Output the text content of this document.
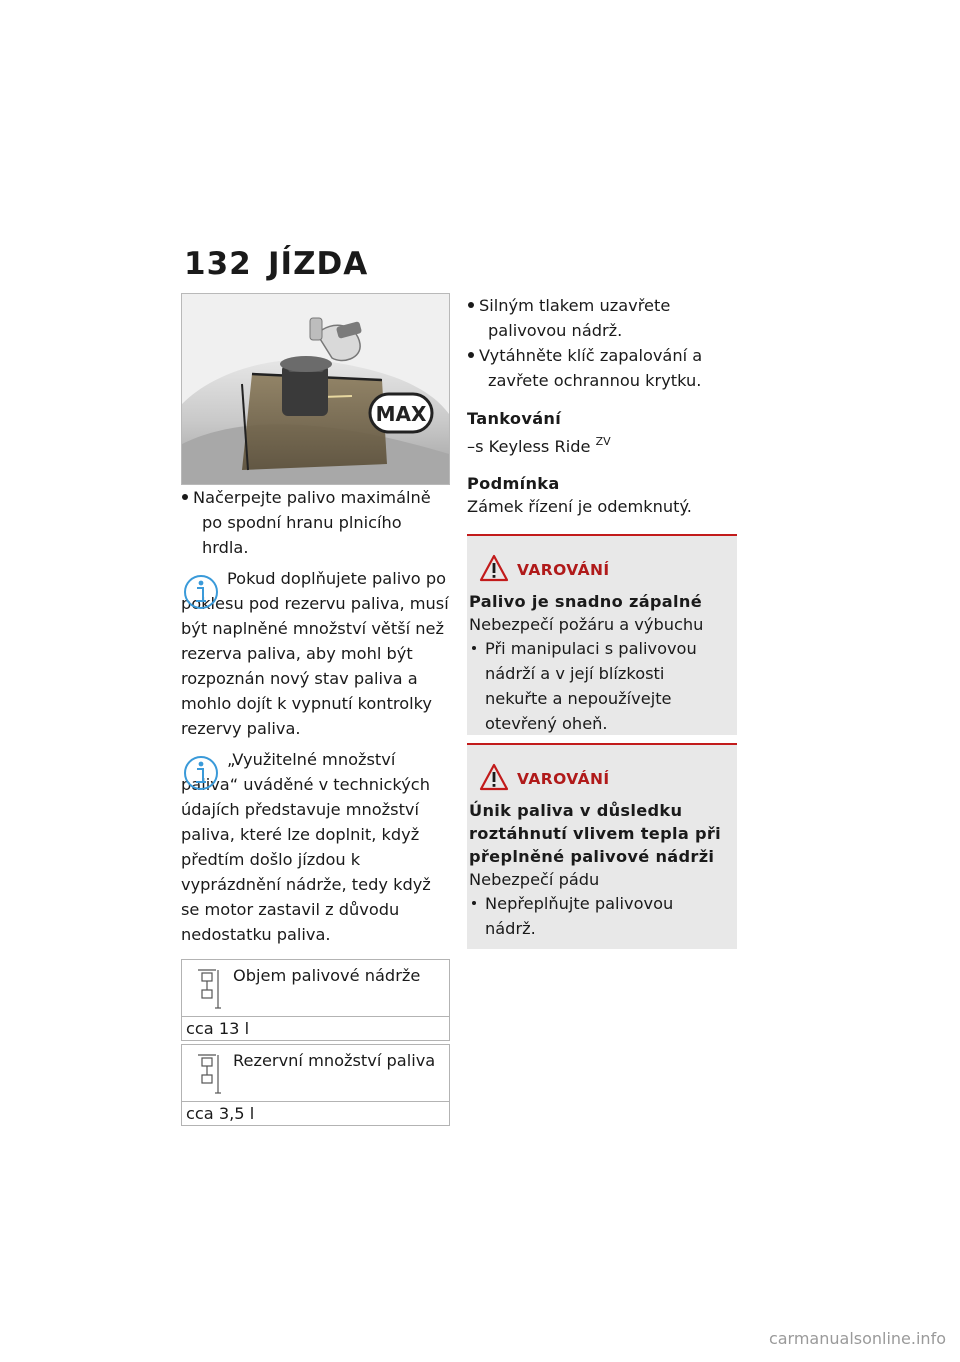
132 JÍZDA
MAX
Načerpejte palivo maximálně po spodní hranu plnicího hrdla.

Pokud doplňujete palivo po poklesu pod rezervu paliva, musí být naplněné množství větší než rezerva paliva, aby mohl být rozpoznán nový stav paliva a mohlo dojít k vypnutí kontrolky rezervy paliva.

„Využitelné množství paliva“ uváděné v technických údajích představuje množství paliva, které lze doplnit, když předtím došlo jízdou k vyprázdnění nádrže, tedy když se motor zastavil z důvodu nedostatku paliva.

Objem palivové nádrže
cca 13 l
Rezervní množství paliva
cca 3,5 l
Silným tlakem uzavřete palivovou nádrž.
Vytáhněte klíč zapalování a zavřete ochrannou krytku.

Tankování

–s Keyless Ride $^{ZV}$

Podmínka

Zámek řízení je odemknutý.
VAROVÁNÍ
Palivo je snadno zápalné
Nebezpečí požáru a výbuchu
Při manipulaci s palivovou nádrží a v její blízkosti nekuřte a nepoužívejte otevřený oheň.
VAROVÁNÍ
Únik paliva v důsledku roztáhnutí vlivem tepla při přeplněné palivové nádrži
Nebezpečí pádu
Nepřeplňujte palivovou nádrž.
carmanualsonline.info
